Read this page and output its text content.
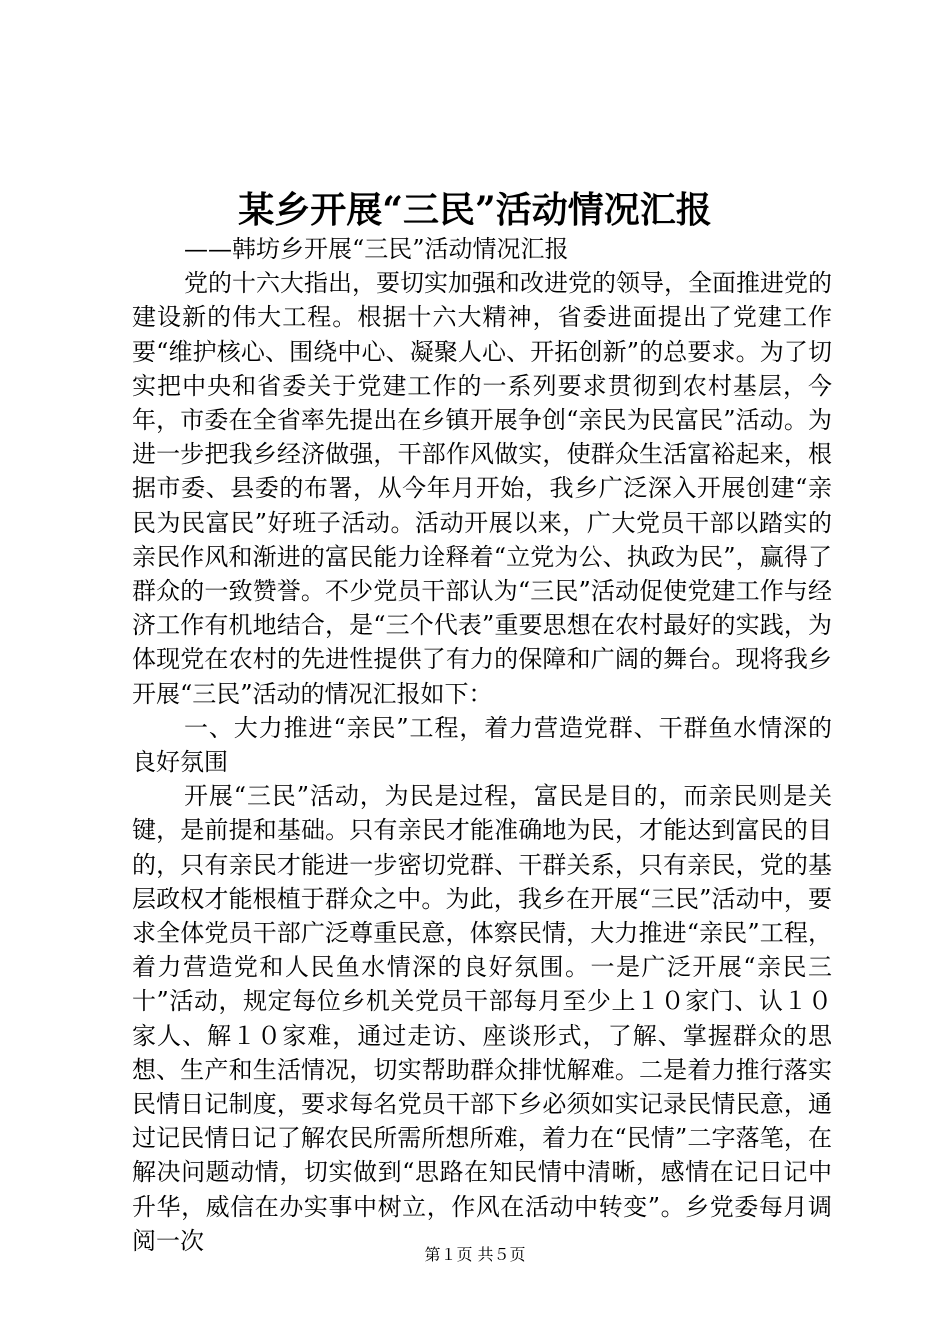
某乡开展“三民”活动情况汇报

——韩坊乡开展“三民”活动情况汇报

党的十六大指出，要切实加强和改进党的领导，全面推进党的建设新的伟大工程。根据十六大精神，省委进面提出了党建工作要“维护核心、围绕中心、凝聚人心、开拓创新”的总要求。为了切实把中央和省委关于党建工作的一系列要求贯彻到农村基层，今年，市委在全省率先提出在乡镇开展争创“亲民为民富民”活动。为进一步把我乡经济做强，干部作风做实，使群众生活富裕起来，根据市委、县委的布署，从今年月开始，我乡广泛深入开展创建“亲民为民富民”好班子活动。活动开展以来，广大党员干部以踏实的亲民作风和渐进的富民能力诠释着“立党为公、执政为民”，赢得了群众的一致赞誉。不少党员干部认为“三民”活动促使党建工作与经济工作有机地结合，是“三个代表”重要思想在农村最好的实践，为体现党在农村的先进性提供了有力的保障和广阔的舞台。现将我乡开展“三民”活动的情况汇报如下：

一、大力推进“亲民”工程，着力营造党群、干群鱼水情深的良好氛围

开展“三民”活动，为民是过程，富民是目的，而亲民则是关键，是前提和基础。只有亲民才能准确地为民，才能达到富民的目的，只有亲民才能进一步密切党群、干群关系，只有亲民，党的基层政权才能根植于群众之中。为此，我乡在开展“三民”活动中，要求全体党员干部广泛尊重民意，体察民情，大力推进“亲民”工程，着力营造党和人民鱼水情深的良好氛围。一是广泛开展“亲民三十”活动，规定每位乡机关党员干部每月至少上１０家门、认１０家人、解１０家难，通过走访、座谈形式，了解、掌握群众的思想、生产和生活情况，切实帮助群众排忧解难。二是着力推行落实民情日记制度，要求每名党员干部下乡必须如实记录民情民意，通过记民情日记了解农民所需所想所难，着力在“民情”二字落笔，在解决问题动情，切实做到“思路在知民情中清晰，感情在记日记中升华，威信在办实事中树立，作风在活动中转变”。乡党委每月调阅一次	第１页 共５页
